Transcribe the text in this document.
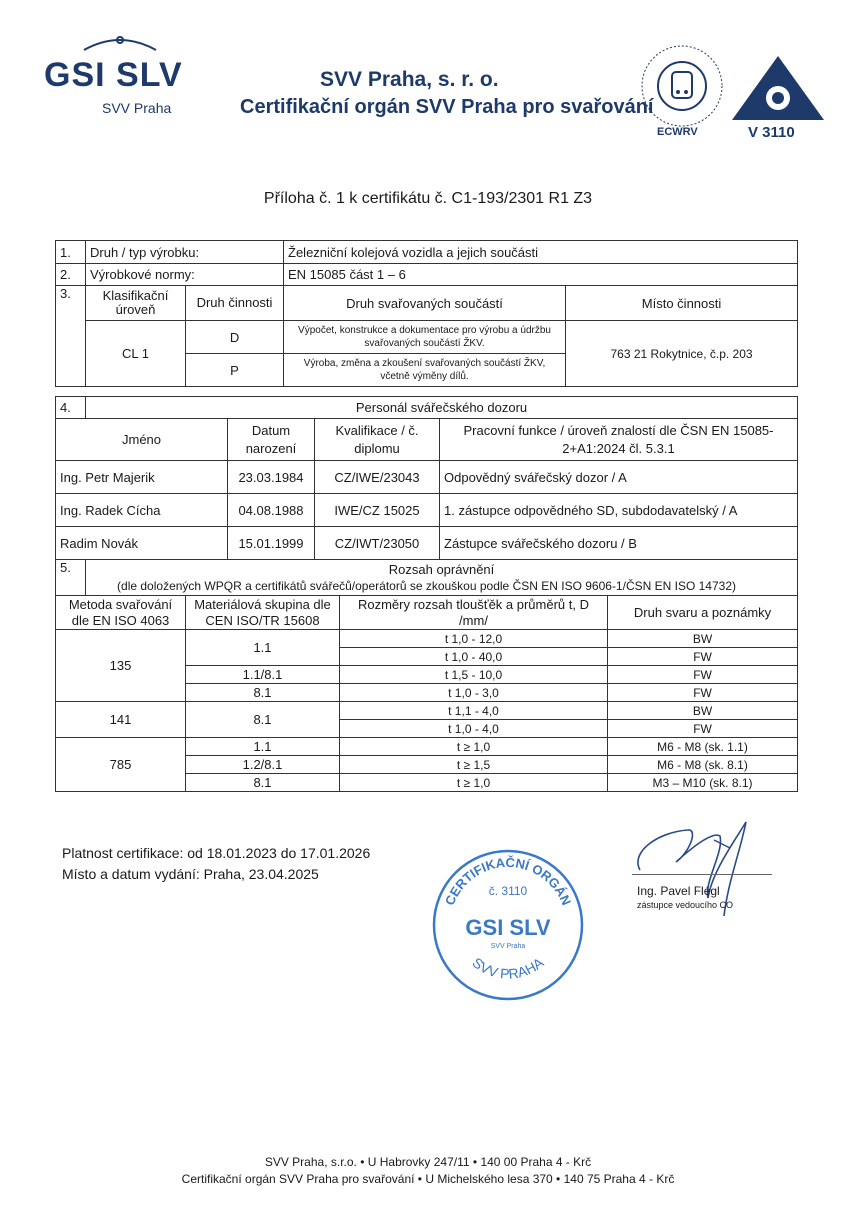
GSI SLV
SVV Praha
SVV Praha, s. r. o.
Certifikační orgán SVV Praha pro svařování
ECWRV	V 3110
Příloha č. 1 k certifikátu č. C1-193/2301 R1 Z3
1.	Druh / typ výrobku:		Železniční kolejová vozidla a jejich součásti	
2.	Výrobkové normy:		EN 15085 část 1 – 6	
3.	Klasifikační úroveň	Druh činnosti	Druh svařovaných součástí	Místo činnosti
	CL 1	D	Výpočet, konstrukce a dokumentace pro výrobu a údržbu svařovaných součástí ŽKV.	763 21 Rokytnice, č.p. 203
		P	Výroba, změna a zkoušení svařovaných součástí ŽKV, včetně výměny dílů.	
4.	Personál svářečského dozoru			
Jméno		Datum narození	Kvalifikace / č. diplomu	Pracovní funkce / úroveň znalostí dle ČSN EN 15085-2+A1:2024 čl. 5.3.1
Ing. Petr Majerik		23.03.1984	CZ/IWE/23043	Odpovědný svářečský dozor / A
Ing. Radek Cícha		04.08.1988	IWE/CZ 15025	1. zástupce odpovědného SD, subdodavatelský / A
Radim Novák		15.01.1999	CZ/IWT/23050	Zástupce svářečského dozoru / B
5.	Rozsah oprávnění
(dle doložených WPQR a certifikátů svářečů/operátorů se zkouškou podle ČSN EN ISO 9606-1/ČSN EN ISO 14732)			

Metoda svařování dle EN ISO 4063		Materiálová skupina dle CEN ISO/TR 15608	Rozměry rozsah tloušťěk a průměrů t, D /mm/	Druh svaru a poznámky
135		1.1	t 1,0 - 12,0	BW
			t 1,0 - 40,0	FW
		1.1/8.1	t 1,5 - 10,0	FW
		8.1	t 1,0 - 3,0	FW
141		8.1	t 1,1 - 4,0	BW
			t 1,0 - 4,0	FW
785		1.1	t ≥ 1,0	M6 - M8 (sk. 1.1)
		1.2/8.1	t ≥ 1,5	M6 - M8 (sk. 8.1)
		8.1	t ≥ 1,0	M3 – M10 (sk. 8.1)
Platnost certifikace: od 18.01.2023 do 17.01.2026
Místo a datum vydání: Praha, 23.04.2025
CERTIFIKAČNÍ ORGÁN
č. 3110
GSI SLV
SVV Praha
SVV PRAHA
Ing. Pavel Flégl
zástupce vedoucího CO
SVV Praha, s.r.o. • U Habrovky 247/11 • 140 00 Praha 4 - Krč
Certifikační orgán SVV Praha pro svařování • U Michelského lesa 370 • 140 75 Praha 4 - Krč
